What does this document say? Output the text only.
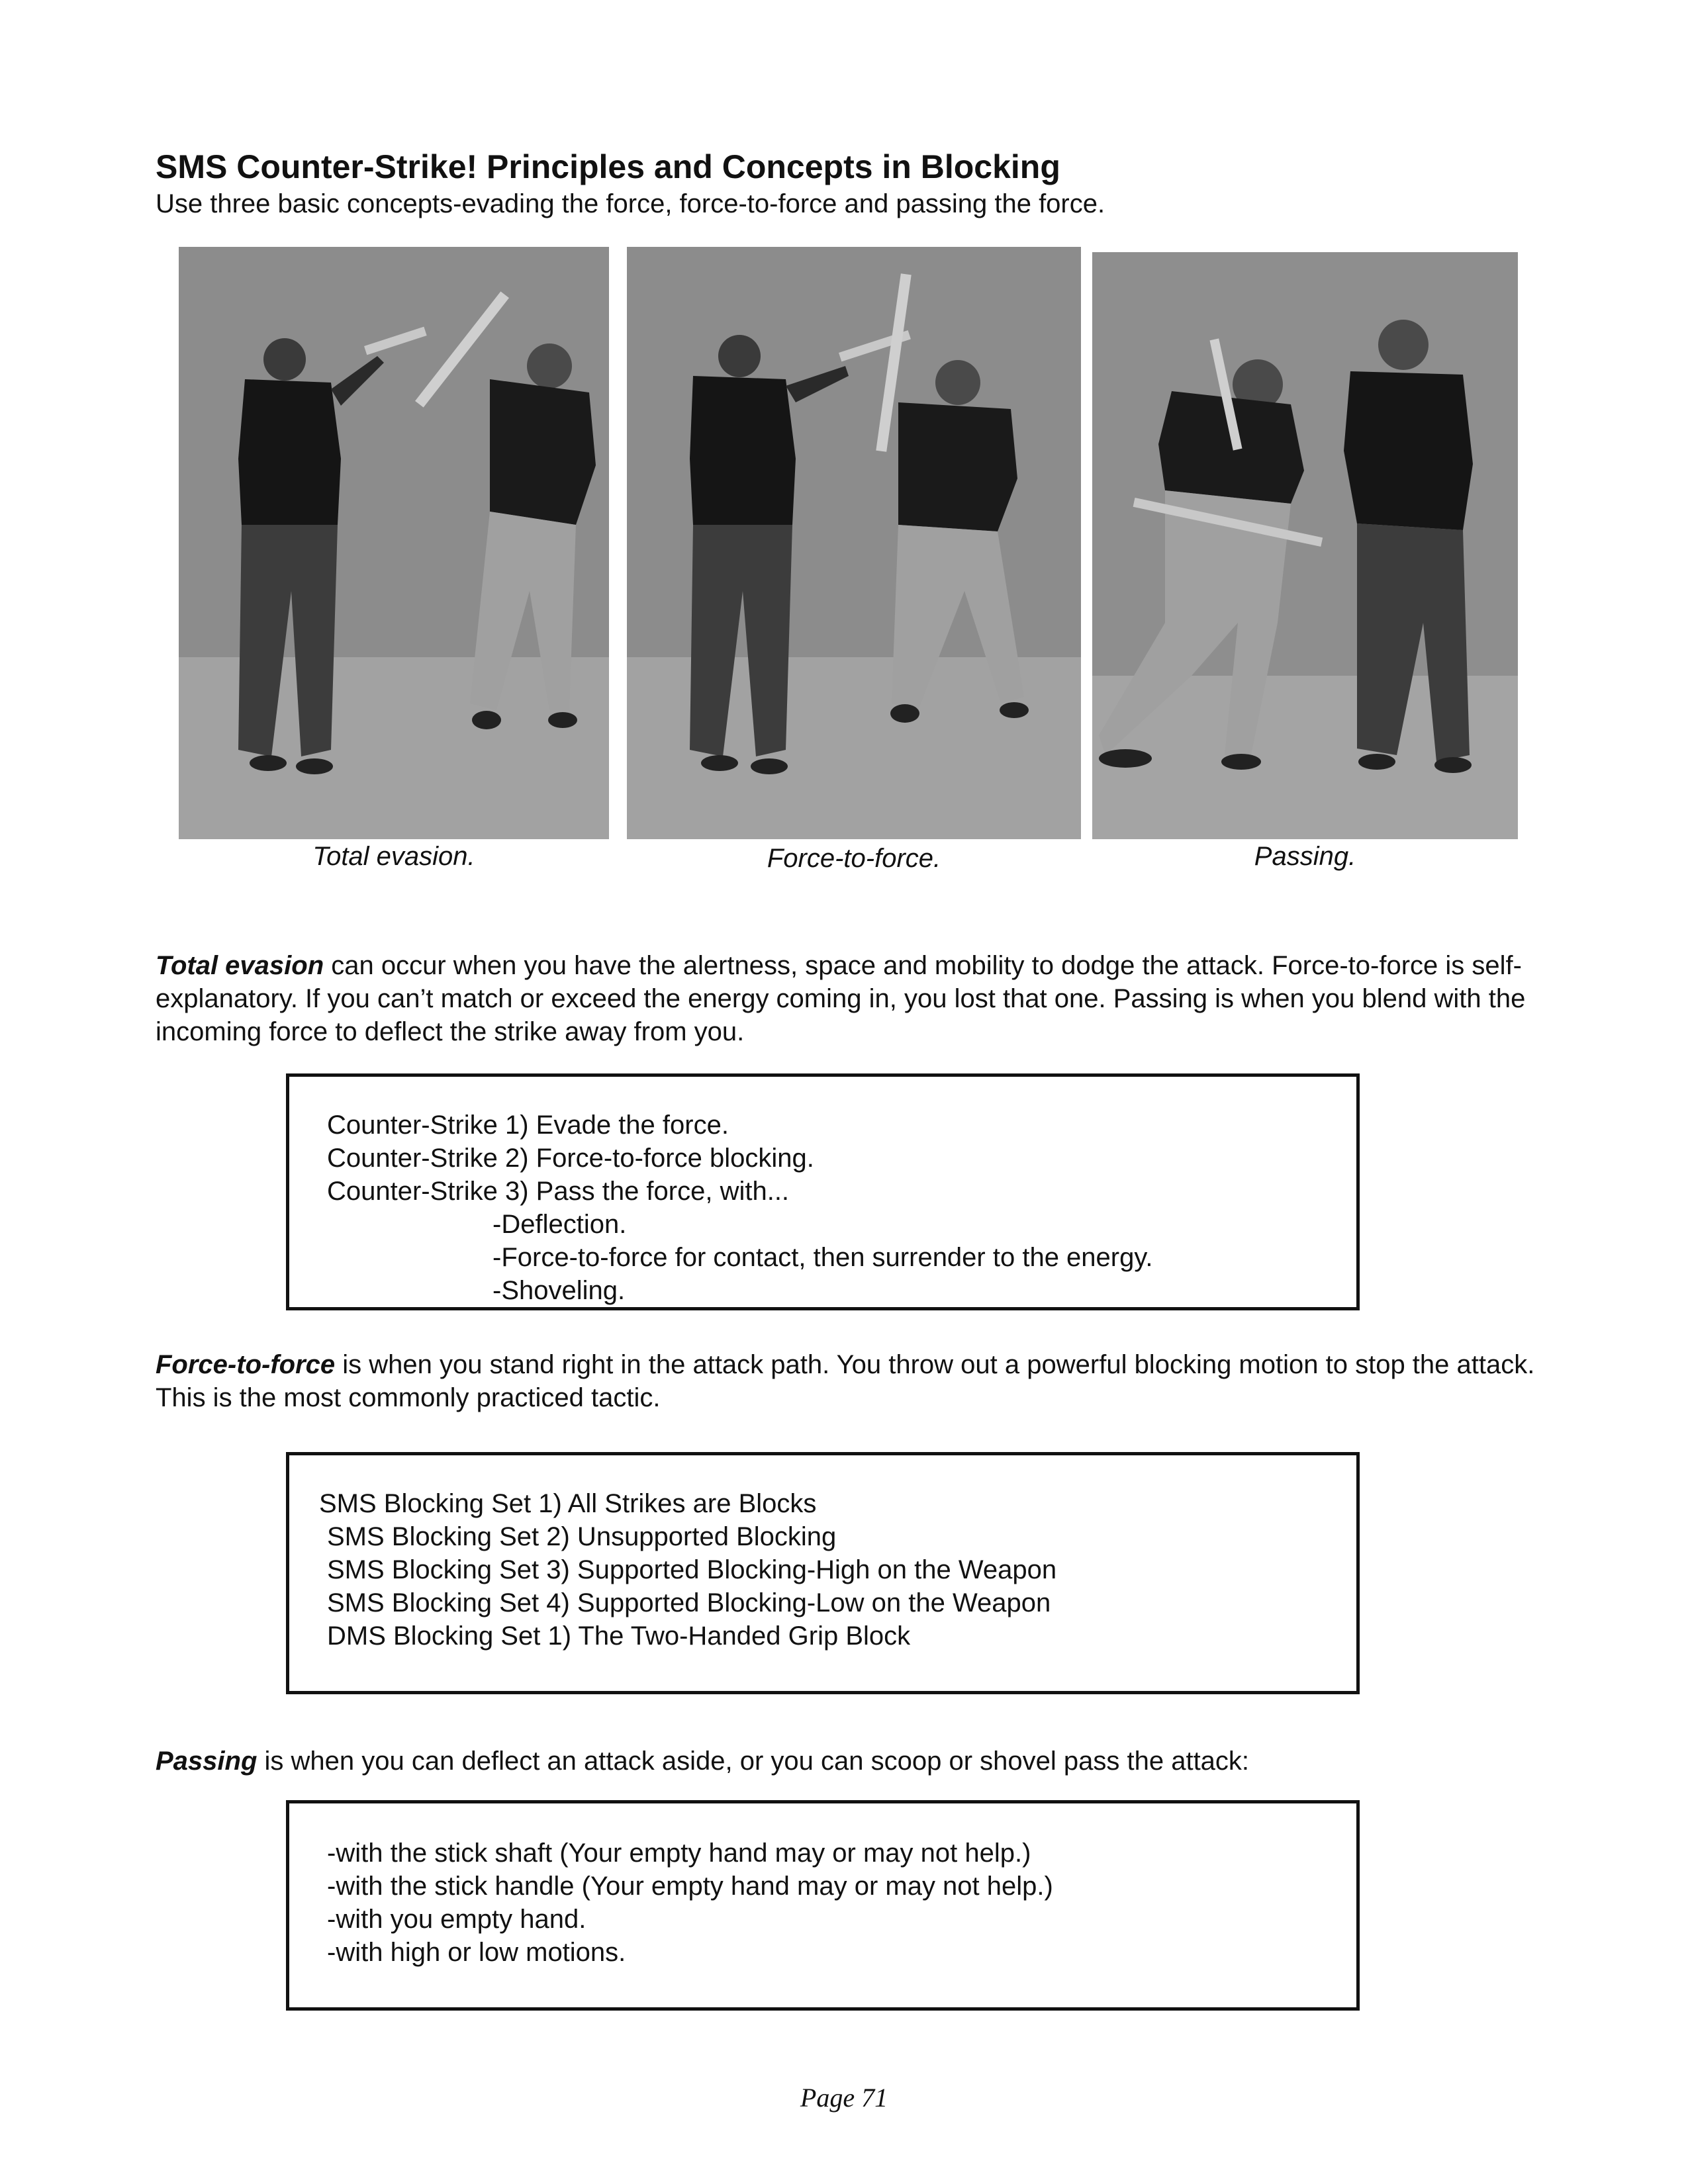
SMS Counter-Strike! Principles and Concepts in Blocking
Use three basic concepts-evading the force, force-to-force and passing the force.
Total evasion.	Force-to-force.	Passing.
Total evasion can occur when you have the alertness, space and mobility to dodge the attack. Force-to-force is self-explanatory. If you can’t match or exceed the energy coming in, you lost that one. Passing is when you blend with the incoming force to deflect the strike away from you.
Counter-Strike 1) Evade the force.
Counter-Strike 2) Force-to-force blocking.
Counter-Strike 3) Pass the force, with...
-Deflection.
-Force-to-force for contact, then surrender to the energy.
-Shoveling.
Force-to-force is when you stand right in the attack path. You throw out a powerful blocking motion to stop the attack. This is the most commonly practiced tactic.
SMS Blocking Set 1) All Strikes are Blocks
SMS Blocking Set 2) Unsupported Blocking
SMS Blocking Set 3) Supported Blocking-High on the Weapon
SMS Blocking Set 4) Supported Blocking-Low on the Weapon
DMS Blocking Set 1) The Two-Handed Grip Block
Passing is when you can deflect an attack aside, or you can scoop or shovel pass the attack:
-with the stick shaft (Your empty hand may or may not help.)
-with the stick handle (Your empty hand may or may not help.)
-with you empty hand.
-with high or low motions.
Page 71
